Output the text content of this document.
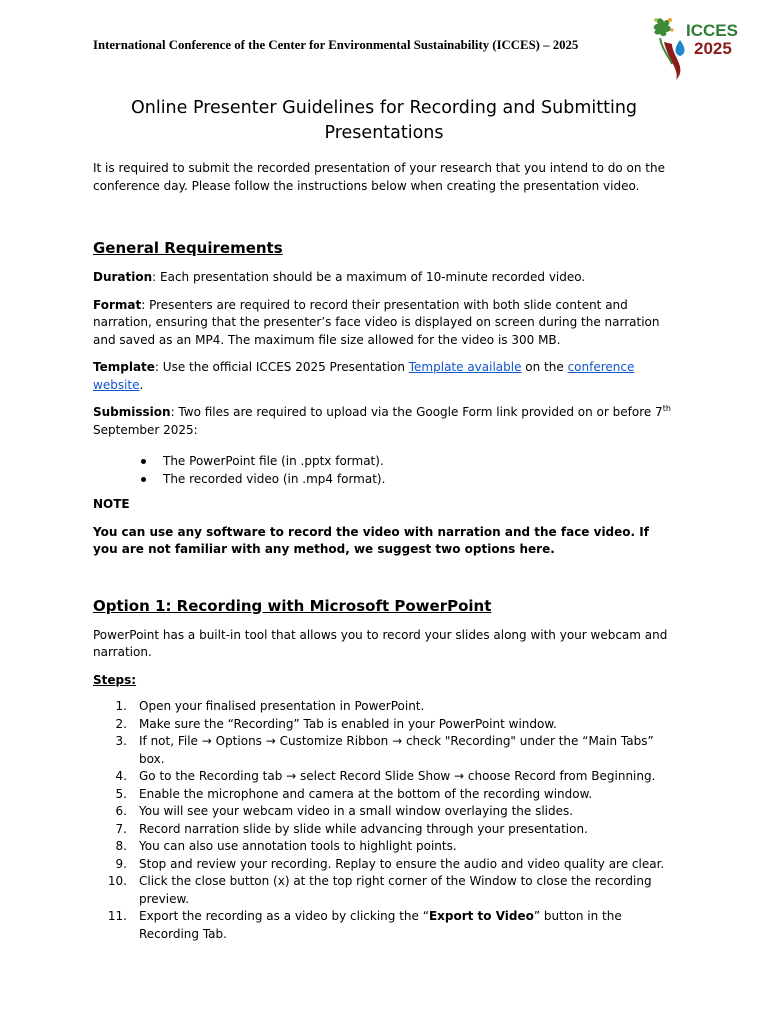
International Conference of the Center for Environmental Sustainability (ICCES) – 2025
ICCES
2025
Online Presenter Guidelines for Recording and Submitting
Presentations

It is required to submit the recorded presentation of your research that you intend to do on the conference day. Please follow the instructions below when creating the presentation video.

General Requirements

Duration: Each presentation should be a maximum of 10-minute recorded video.

Format: Presenters are required to record their presentation with both slide content and narration, ensuring that the presenter’s face video is displayed on screen during the narration and saved as an MP4. The maximum file size allowed for the video is 300 MB.

Template: Use the official ICCES 2025 Presentation Template available on the conference website.

Submission: Two files are required to upload via the Google Form link provided on or before 7th September 2025:

The PowerPoint file (in .pptx format).
The recorded video (in .mp4 format).

NOTE

You can use any software to record the video with narration and the face video. If you are not familiar with any method, we suggest two options here.

Option 1: Recording with Microsoft PowerPoint

PowerPoint has a built-in tool that allows you to record your slides along with your webcam and narration.

Steps:

1. Open your finalised presentation in PowerPoint.
2. Make sure the “Recording” Tab is enabled in your PowerPoint window.
3. If not, File → Options → Customize Ribbon → check "Recording" under the “Main Tabs” box.
4. Go to the Recording tab → select Record Slide Show → choose Record from Beginning.
5. Enable the microphone and camera at the bottom of the recording window.
6. You will see your webcam video in a small window overlaying the slides.
7. Record narration slide by slide while advancing through your presentation.
8. You can also use annotation tools to highlight points.
9. Stop and review your recording. Replay to ensure the audio and video quality are clear.
10. Click the close button (x) at the top right corner of the Window to close the recording preview.
11. Export the recording as a video by clicking the “Export to Video” button in the Recording Tab.
